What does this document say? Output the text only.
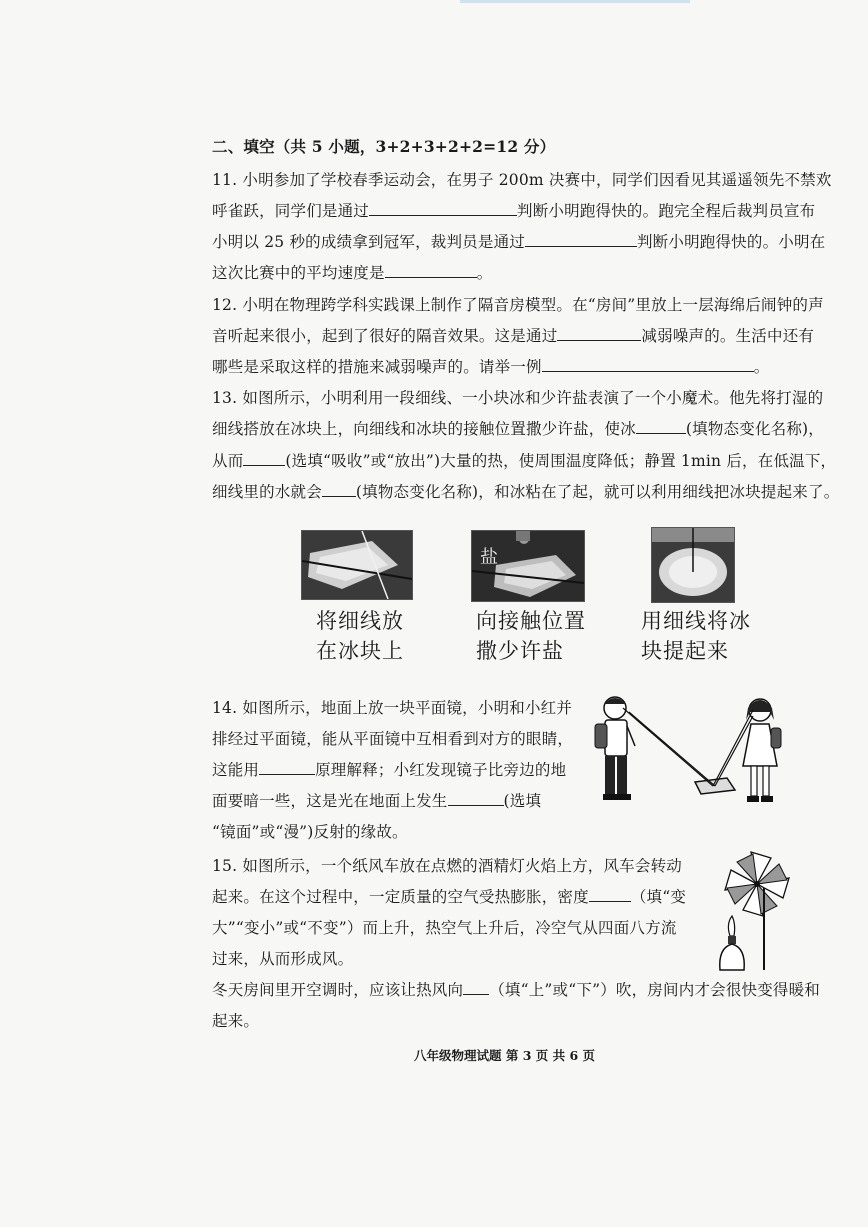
二、填空（共 5 小题，3+2+3+2+2=12 分）
11. 小明参加了学校春季运动会，在男子 200m 决赛中，同学们因看见其遥遥领先不禁欢
呼雀跃，同学们是通过	判断小明跑得快的。跑完全程后裁判员宣布
小明以 25 秒的成绩拿到冠军，裁判员是通过	判断小明跑得快的。小明在
这次比赛中的平均速度是	。
12. 小明在物理跨学科实践课上制作了隔音房模型。在“房间”里放上一层海绵后闹钟的声
音听起来很小，起到了很好的隔音效果。这是通过	减弱噪声的。生活中还有
哪些是采取这样的措施来减弱噪声的。请举一例	。
13. 如图所示，小明利用一段细线、一小块冰和少许盐表演了一个小魔术。他先将打湿的
细线搭放在冰块上，向细线和冰块的接触位置撒少许盐，使冰	(填物态变化名称)，
从而	(选填“吸收”或“放出”)大量的热，使周围温度降低；静置 1min 后，在低温下，
细线里的水就会 (填物态变化名称)，和冰粘在了起，就可以利用细线把冰块提起来了。
盐
将细线放
在冰块上
向接触位置
撒少许盐
用细线将冰
块提起来
14. 如图所示，地面上放一块平面镜，小明和小红并
排经过平面镜，能从平面镜中互相看到对方的眼睛，
这能用	原理解释；小红发现镜子比旁边的地
面要暗一些，这是光在地面上发生	(选填
“镜面”或“漫”)反射的缘故。
15. 如图所示，一个纸风车放在点燃的酒精灯火焰上方，风车会转动
起来。在这个过程中，一定质量的空气受热膨胀，密度	（填“变
大”“变小”或“不变”）而上升，热空气上升后，冷空气从四面八方流
过来，从而形成风。
冬天房间里开空调时，应该让热风向 （填“上”或“下”）吹，房间内才会很快变得暖和
起来。
八年级物理试题 第 3 页 共 6 页
